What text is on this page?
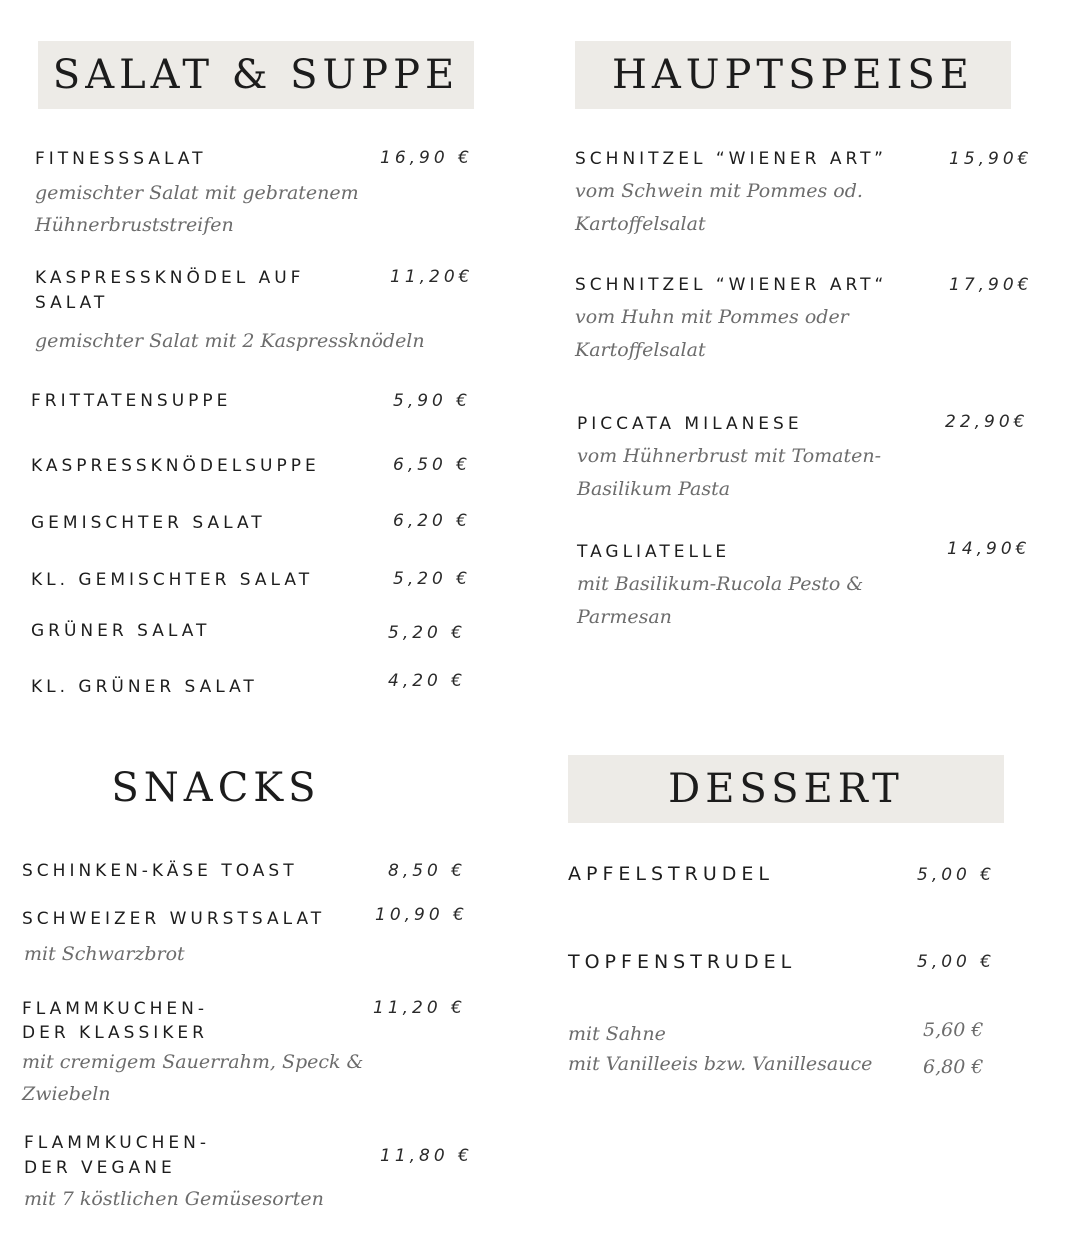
SALAT & SUPPE
FITNESSSALAT	16,90 €
gemischter Salat mit gebratenem
Hühnerbruststreifen
KASPRESSKNÖDEL AUF
SALAT
11,20€
gemischter Salat mit 2 Kaspressknödeln
FRITTATENSUPPE	5,90 €
KASPRESSKNÖDELSUPPE	6,50 €
GEMISCHTER SALAT	6,20 €
KL. GEMISCHTER SALAT	5,20 €
GRÜNER SALAT	5,20 €
KL. GRÜNER SALAT	4,20 €
HAUPTSPEISE
SCHNITZEL “WIENER ART”	15,90€
vom Schwein mit Pommes od.
Kartoffelsalat
SCHNITZEL “WIENER ART“	17,90€
vom Huhn mit Pommes oder
Kartoffelsalat
PICCATA MILANESE	22,90€
vom Hühnerbrust mit Tomaten-
Basilikum Pasta
TAGLIATELLE	14,90€
mit Basilikum-Rucola Pesto &
Parmesan
SNACKS
SCHINKEN-KÄSE TOAST	8,50 €
SCHWEIZER WURSTSALAT	10,90 €
mit Schwarzbrot
FLAMMKUCHEN-
DER KLASSIKER
11,20 €
mit cremigem Sauerrahm, Speck &
Zwiebeln
FLAMMKUCHEN-
DER VEGANE
11,80 €
mit 7 köstlichen Gemüsesorten
DESSERT
APFELSTRUDEL	5,00 €
TOPFENSTRUDEL	5,00 €
mit Sahne	5,60 €
mit Vanilleeis bzw. Vanillesauce	6,80 €
